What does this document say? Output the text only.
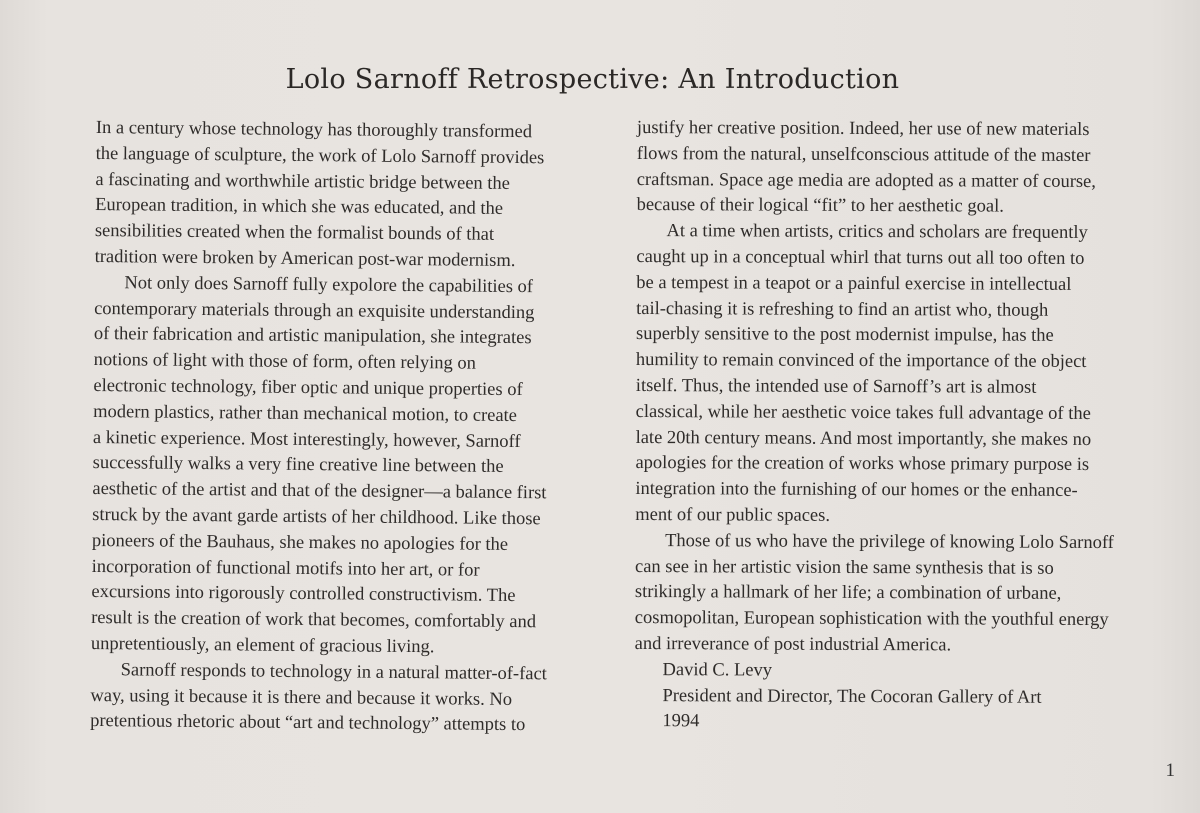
Lolo Sarnoff Retrospective: An Introduction
In a century whose technology has thoroughly transformed
the language of sculpture, the work of Lolo Sarnoff provides
a fascinating and worthwhile artistic bridge between the
European tradition, in which she was educated, and the
sensibilities created when the formalist bounds of that
tradition were broken by American post-war modernism.
Not only does Sarnoff fully expolore the capabilities of
contemporary materials through an exquisite understanding
of their fabrication and artistic manipulation, she integrates
notions of light with those of form, often relying on
electronic technology, fiber optic and unique properties of
modern plastics, rather than mechanical motion, to create
a kinetic experience. Most interestingly, however, Sarnoff
successfully walks a very fine creative line between the
aesthetic of the artist and that of the designer—a balance first
struck by the avant garde artists of her childhood. Like those
pioneers of the Bauhaus, she makes no apologies for the
incorporation of functional motifs into her art, or for
excursions into rigorously controlled constructivism. The
result is the creation of work that becomes, comfortably and
unpretentiously, an element of gracious living.
Sarnoff responds to technology in a natural matter-of-fact
way, using it because it is there and because it works. No
pretentious rhetoric about “art and technology” attempts to
justify her creative position. Indeed, her use of new materials
flows from the natural, unselfconscious attitude of the master
craftsman. Space age media are adopted as a matter of course,
because of their logical “fit” to her aesthetic goal.
At a time when artists, critics and scholars are frequently
caught up in a conceptual whirl that turns out all too often to
be a tempest in a teapot or a painful exercise in intellectual
tail-chasing it is refreshing to find an artist who, though
superbly sensitive to the post modernist impulse, has the
humility to remain convinced of the importance of the object
itself. Thus, the intended use of Sarnoff’s art is almost
classical, while her aesthetic voice takes full advantage of the
late 20th century means. And most importantly, she makes no
apologies for the creation of works whose primary purpose is
integration into the furnishing of our homes or the enhance-
ment of our public spaces.
Those of us who have the privilege of knowing Lolo Sarnoff
can see in her artistic vision the same synthesis that is so
strikingly a hallmark of her life; a combination of urbane,
cosmopolitan, European sophistication with the youthful energy
and irreverance of post industrial America.
David C. Levy
President and Director, The Cocoran Gallery of Art
1994
1
